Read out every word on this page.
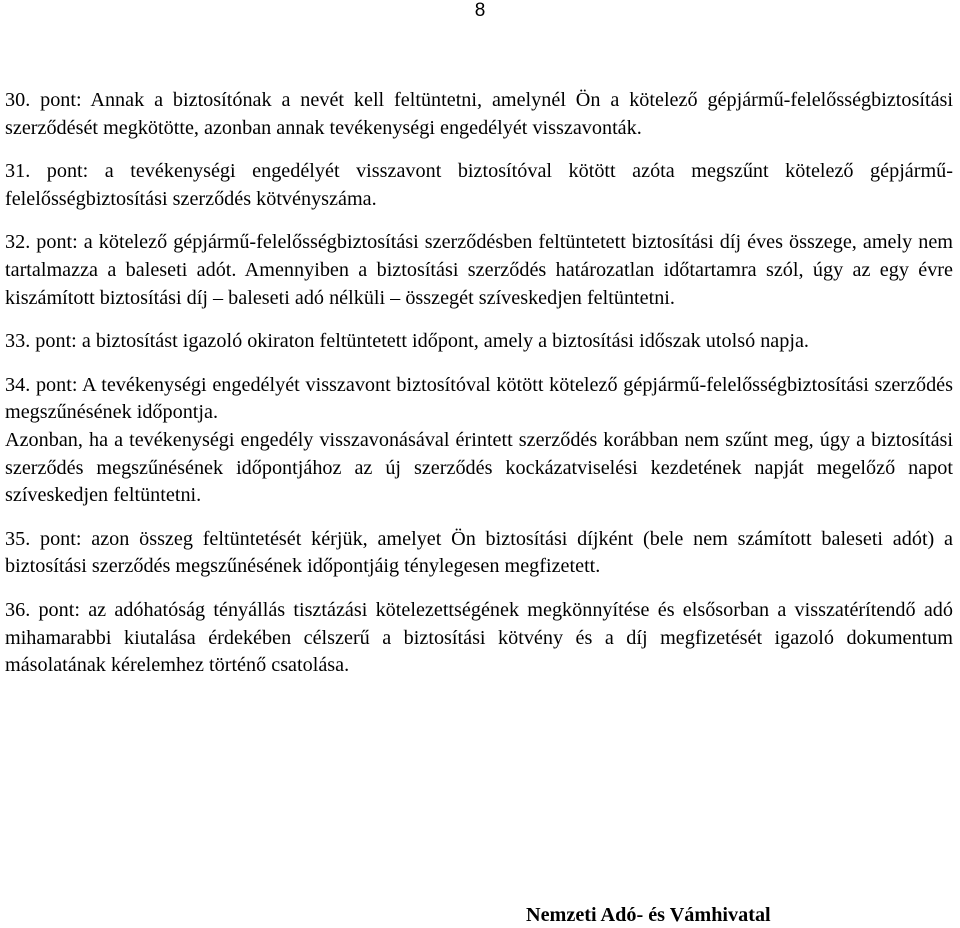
8

30. pont: Annak a biztosítónak a nevét kell feltüntetni, amelynél Ön a kötelező gépjármű-felelősségbiztosítási szerződését megkötötte, azonban annak tevékenységi engedélyét visszavonták.

31. pont: a tevékenységi engedélyét visszavont biztosítóval kötött azóta megszűnt kötelező gépjármű-felelősségbiztosítási szerződés kötvényszáma.

32. pont: a kötelező gépjármű-felelősségbiztosítási szerződésben feltüntetett biztosítási díj éves összege, amely nem tartalmazza a baleseti adót. Amennyiben a biztosítási szerződés határozatlan időtartamra szól, úgy az egy évre kiszámított biztosítási díj – baleseti adó nélküli – összegét szíveskedjen feltüntetni.

33. pont: a biztosítást igazoló okiraton feltüntetett időpont, amely a biztosítási időszak utolsó napja.

34. pont: A tevékenységi engedélyét visszavont biztosítóval kötött kötelező gépjármű-felelősségbiztosítási szerződés megszűnésének időpontja.

Azonban, ha a tevékenységi engedély visszavonásával érintett szerződés korábban nem szűnt meg, úgy a biztosítási szerződés megszűnésének időpontjához az új szerződés kockázatviselési kezdetének napját megelőző napot szíveskedjen feltüntetni.

35. pont: azon összeg feltüntetését kérjük, amelyet Ön biztosítási díjként (bele nem számított baleseti adót) a biztosítási szerződés megszűnésének időpontjáig ténylegesen megfizetett.

36. pont: az adóhatóság tényállás tisztázási kötelezettségének megkönnyítése és elsősorban a visszatérítendő adó mihamarabbi kiutalása érdekében célszerű a biztosítási kötvény és a díj megfizetését igazoló dokumentum másolatának kérelemhez történő csatolása.

Nemzeti Adó- és Vámhivatal
